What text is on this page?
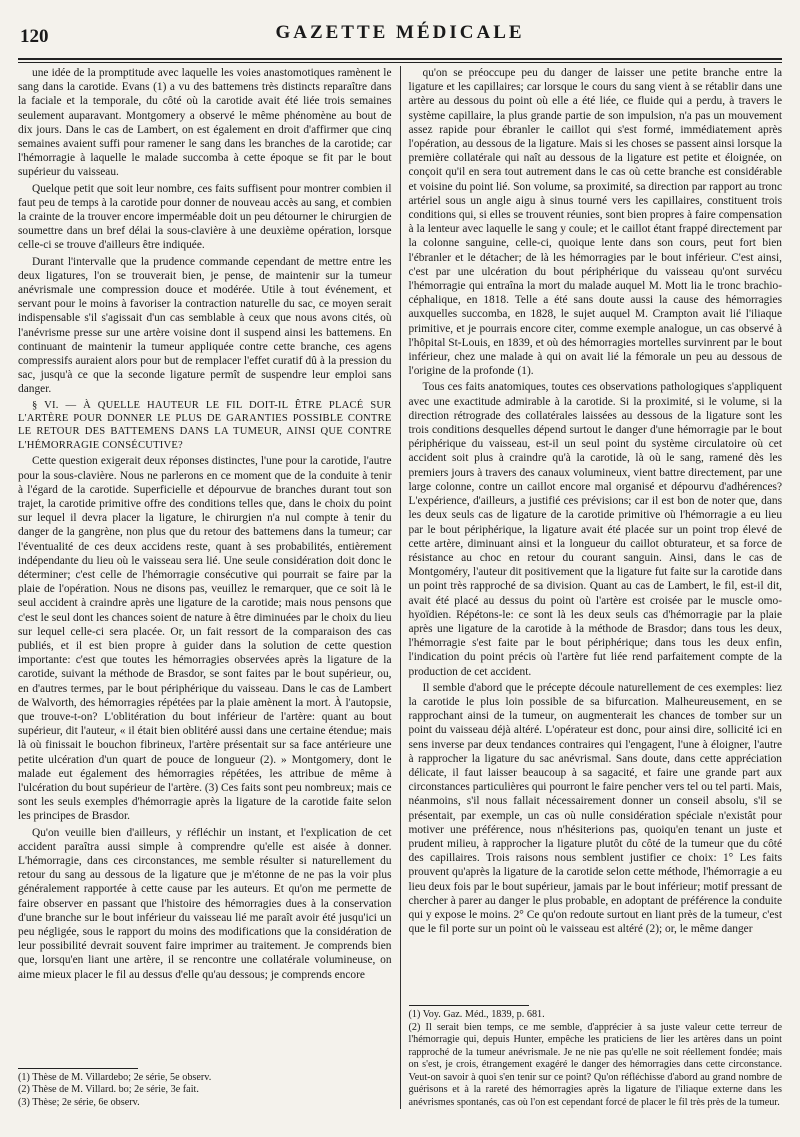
120	GAZETTE MÉDICALE

une idée de la promptitude avec laquelle les voies anastomotiques ramènent le sang dans la carotide. Evans (1) a vu des battemens très distincts reparaître dans la faciale et la temporale, du côté où la carotide avait été liée trois semaines seulement auparavant. Montgomery a observé le même phénomène au bout de dix jours. Dans le cas de Lambert, on est également en droit d'affirmer que cinq semaines avaient suffi pour ramener le sang dans les branches de la carotide; car l'hémorragie à laquelle le malade succomba à cette époque se fit par le bout supérieur du vaisseau.

Quelque petit que soit leur nombre, ces faits suffisent pour montrer combien il faut peu de temps à la carotide pour donner de nouveau accès au sang, et combien la crainte de la trouver encore imperméable doit un peu détourner le chirurgien de soumettre dans un bref délai la sous-clavière à une deuxième opération, lorsque celle-ci se trouve d'ailleurs être indiquée.

Durant l'intervalle que la prudence commande cependant de mettre entre les deux ligatures, l'on se trouverait bien, je pense, de maintenir sur la tumeur anévrismale une compression douce et modérée. Utile à tout événement, et servant pour le moins à favoriser la contraction naturelle du sac, ce moyen serait indispensable s'il s'agissait d'un cas semblable à ceux que nous avons cités, où l'anévrisme presse sur une artère voisine dont il suspend ainsi les battemens. En continuant de maintenir la tumeur appliquée contre cette branche, ces agens compressifs auraient alors pour but de remplacer l'effet curatif dû à la pression du sac, jusqu'à ce que la seconde ligature permît de suspendre leur emploi sans danger.

§ VI. — À QUELLE HAUTEUR LE FIL DOIT-IL ÊTRE PLACÉ SUR L'ARTÈRE POUR DONNER LE PLUS DE GARANTIES POSSIBLE CONTRE LE RETOUR DES BATTEMENS DANS LA TUMEUR, AINSI QUE CONTRE L'HÉMORRAGIE CONSÉCUTIVE?

Cette question exigerait deux réponses distinctes, l'une pour la carotide, l'autre pour la sous-clavière. Nous ne parlerons en ce moment que de la conduite à tenir à l'égard de la carotide. Superficielle et dépourvue de branches durant tout son trajet, la carotide primitive offre des conditions telles que, dans le choix du point sur lequel il devra placer la ligature, le chirurgien n'a nul compte à tenir du danger de la gangrène, non plus que du retour des battemens dans la tumeur; car l'éventualité de ces deux accidens reste, quant à ses probabilités, entièrement indépendante du lieu où le vaisseau sera lié. Une seule considération doit donc le déterminer; c'est celle de l'hémorragie consécutive qui pourrait se faire par la plaie de l'opération. Nous ne disons pas, veuillez le remarquer, que ce soit là le seul accident à craindre après une ligature de la carotide; mais nous pensons que c'est le seul dont les chances soient de nature à être diminuées par le choix du lieu sur lequel celle-ci sera placée. Or, un fait ressort de la comparaison des cas publiés, et il est bien propre à guider dans la solution de cette question importante: c'est que toutes les hémorragies observées après la ligature de la carotide, suivant la méthode de Brasdor, se sont faites par le bout supérieur, ou, en d'autres termes, par le bout périphérique du vaisseau. Dans le cas de Lambert de Walvorth, des hémorragies répétées par la plaie amènent la mort. À l'autopsie, que trouve-t-on? L'oblitération du bout inférieur de l'artère: quant au bout supérieur, dit l'auteur, « il était bien oblitéré aussi dans une certaine étendue; mais là où finissait le bouchon fibrineux, l'artère présentait sur sa face antérieure une petite ulcération d'un quart de pouce de longueur (2). » Montgomery, dont le malade eut également des hémorragies répétées, les attribue de même à l'ulcération du bout supérieur de l'artère. (3) Ces faits sont peu nombreux; mais ce sont les seuls exemples d'hémorragie après la ligature de la carotide faite selon les principes de Brasdor.

Qu'on veuille bien d'ailleurs, y réfléchir un instant, et l'explication de cet accident paraîtra aussi simple à comprendre qu'elle est aisée à donner. L'hémorragie, dans ces circonstances, me semble résulter si naturellement du retour du sang au dessous de la ligature que je m'étonne de ne pas la voir plus généralement rapportée à cette cause par les auteurs. Et qu'on me permette de faire observer en passant que l'histoire des hémorragies dues à la conservation d'une branche sur le bout inférieur du vaisseau lié me paraît avoir été jusqu'ici un peu négligée, sous le rapport du moins des modifications que la considération de leur possibilité devrait souvent faire imprimer au traitement. Je comprends bien que, lorsqu'en liant une artère, il se rencontre une collatérale volumineuse, on aime mieux placer le fil au dessus d'elle qu'au dessous; je comprends encore

(1) Thèse de M. Villardebo; 2e série, 5e observ.

(2) Thèse de M. Villard. bo; 2e série, 3e fait.

(3) Thèse; 2e série, 6e observ.

qu'on se préoccupe peu du danger de laisser une petite branche entre la ligature et les capillaires; car lorsque le cours du sang vient à se rétablir dans une artère au dessous du point où elle a été liée, ce fluide qui a perdu, à travers le système capillaire, la plus grande partie de son impulsion, n'a pas un mouvement assez rapide pour ébranler le caillot qui s'est formé, immédiatement après l'opération, au dessous de la ligature. Mais si les choses se passent ainsi lorsque la première collatérale qui naît au dessous de la ligature est petite et éloignée, on conçoit qu'il en sera tout autrement dans le cas où cette branche est considérable et voisine du point lié. Son volume, sa proximité, sa direction par rapport au tronc artériel sous un angle aigu à sinus tourné vers les capillaires, constituent trois conditions qui, si elles se trouvent réunies, sont bien propres à faire compensation à la lenteur avec laquelle le sang y coule; et le caillot étant frappé directement par la colonne sanguine, celle-ci, quoique lente dans son cours, peut fort bien l'ébranler et le détacher; de là les hémorragies par le bout inférieur. C'est ainsi, c'est par une ulcération du bout périphérique du vaisseau qu'ont survécu l'hémorragie qui entraîna la mort du malade auquel M. Mott lia le tronc brachio-céphalique, en 1818. Telle a été sans doute aussi la cause des hémorragies auxquelles succomba, en 1828, le sujet auquel M. Crampton avait lié l'iliaque primitive, et je pourrais encore citer, comme exemple analogue, un cas observé à l'hôpital St-Louis, en 1839, et où des hémorragies mortelles survinrent par le bout inférieur, chez une malade à qui on avait lié la fémorale un peu au dessous de l'origine de la profonde (1).

Tous ces faits anatomiques, toutes ces observations pathologiques s'appliquent avec une exactitude admirable à la carotide. Si la proximité, si le volume, si la direction rétrograde des collatérales laissées au dessous de la ligature sont les trois conditions desquelles dépend surtout le danger d'une hémorragie par le bout périphérique du vaisseau, est-il un seul point du système circulatoire où cet accident soit plus à craindre qu'à la carotide, là où le sang, ramené dès les premiers jours à travers des canaux volumineux, vient battre directement, par une large colonne, contre un caillot encore mal organisé et dépourvu d'adhérences? L'expérience, d'ailleurs, a justifié ces prévisions; car il est bon de noter que, dans les deux seuls cas de ligature de la carotide primitive où l'hémorragie a eu lieu par le bout périphérique, la ligature avait été placée sur un point trop élevé de cette artère, diminuant ainsi et la longueur du caillot obturateur, et sa force de résistance au choc en retour du courant sanguin. Ainsi, dans le cas de Montgoméry, l'auteur dit positivement que la ligature fut faite sur la carotide dans un point très rapproché de sa division. Quant au cas de Lambert, le fil, est-il dit, avait été placé au dessus du point où l'artère est croisée par le muscle omo-hyoïdien. Répétons-le: ce sont là les deux seuls cas d'hémorragie par la plaie après une ligature de la carotide à la méthode de Brasdor; dans tous les deux, l'hémorragie s'est faite par le bout périphérique; dans tous les deux enfin, l'indication du point précis où l'artère fut liée rend parfaitement compte de la production de cet accident.

Il semble d'abord que le précepte découle naturellement de ces exemples: liez la carotide le plus loin possible de sa bifurcation. Malheureusement, en se rapprochant ainsi de la tumeur, on augmenterait les chances de tomber sur un point du vaisseau déjà altéré. L'opérateur est donc, pour ainsi dire, sollicité ici en sens inverse par deux tendances contraires qui l'engagent, l'une à éloigner, l'autre à rapprocher la ligature du sac anévrismal. Sans doute, dans cette appréciation délicate, il faut laisser beaucoup à sa sagacité, et faire une grande part aux circonstances particulières qui pourront le faire pencher vers tel ou tel parti. Mais, néanmoins, s'il nous fallait nécessairement donner un conseil absolu, s'il se présentait, par exemple, un cas où nulle considération spéciale n'existât pour motiver une préférence, nous n'hésiterions pas, quoiqu'en tenant un juste et prudent milieu, à rapprocher la ligature plutôt du côté de la tumeur que du côté des capillaires. Trois raisons nous semblent justifier ce choix: 1° Les faits prouvent qu'après la ligature de la carotide selon cette méthode, l'hémorragie a eu lieu deux fois par le bout supérieur, jamais par le bout inférieur; motif pressant de chercher à parer au danger le plus probable, en adoptant de préférence la conduite qui y expose le moins. 2° Ce qu'on redoute surtout en liant près de la tumeur, c'est que le fil porte sur un point où le vaisseau est altéré (2); or, le même danger

(1) Voy. Gaz. Méd., 1839, p. 681.

(2) Il serait bien temps, ce me semble, d'apprécier à sa juste valeur cette terreur de l'hémorragie qui, depuis Hunter, empêche les praticiens de lier les artères dans un point rapproché de la tumeur anévrismale. Je ne nie pas qu'elle ne soit réellement fondée; mais on s'est, je crois, étrangement exagéré le danger des hémorragies dans cette circonstance. Veut-on savoir à quoi s'en tenir sur ce point? Qu'on réfléchisse d'abord au grand nombre de guérisons et à la rareté des hémorragies après la ligature de l'iliaque externe dans les anévrismes spontanés, cas où l'on est cependant forcé de placer le fil très près de la tumeur.
